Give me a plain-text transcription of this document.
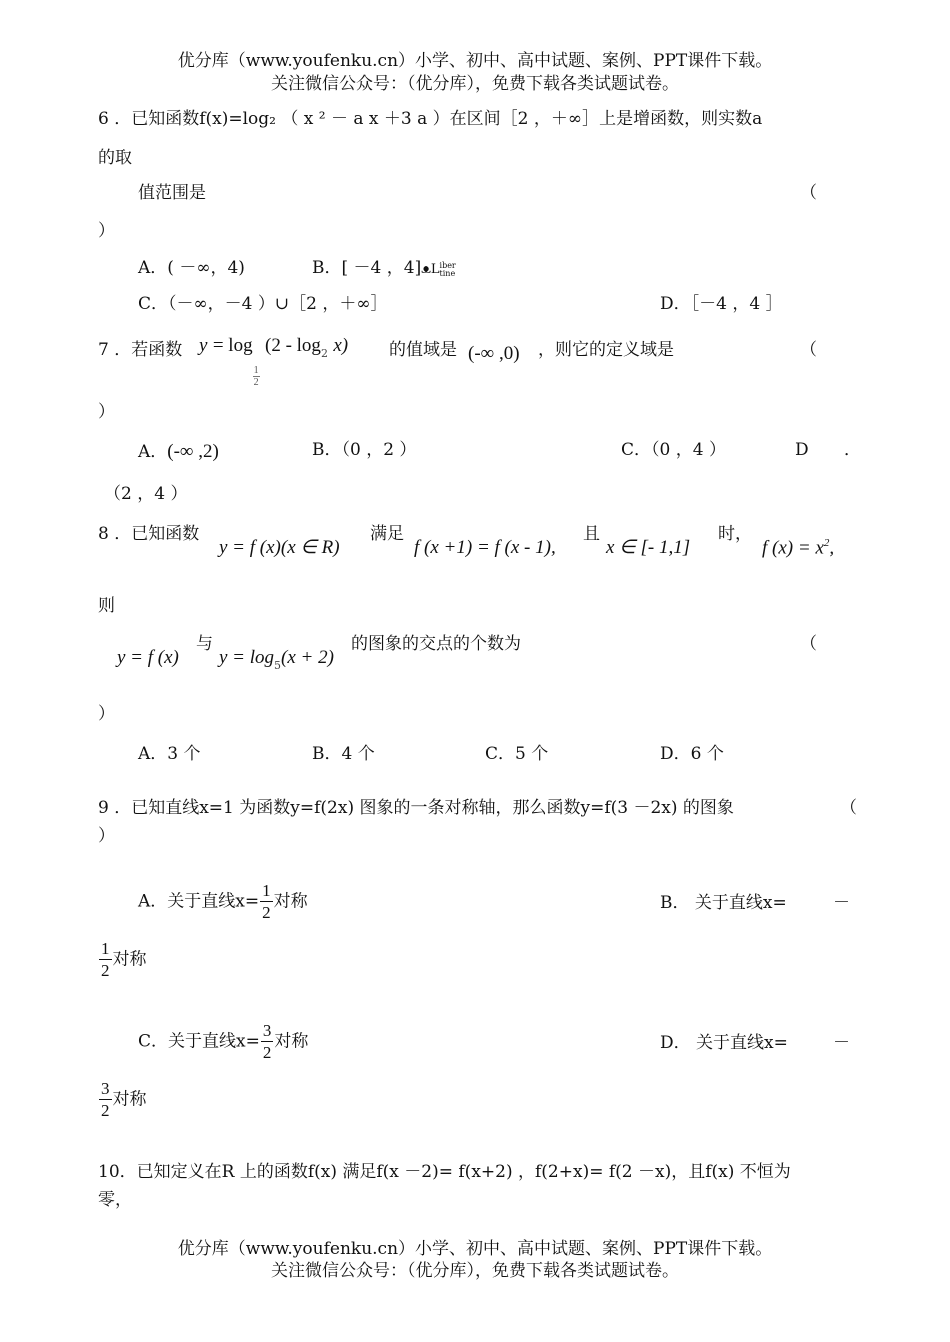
优分库（www.youfenku.cn）小学、初中、高中试题、案例、PPT课件下载。
关注微信公众号：（优分库），免费下载各类试题试卷。
6 ．已知函数f(x)=log₂ （ x ² － a x ＋3 a ）在区间［2 ，＋∞］上是增函数，则实数a
的取
值范围是	（
）
A．( －∞，4)	B．[ －4 ，4]ᴥL iber
tine
C．（－∞，－4 ）∪［2 ，＋∞］	D．［－4 ，4 ］
7 ．若函数 y = log
$\frac{1}{2}$
$(2 - \log_2 x)$ 的值域是 (-∞ ,0) ，则它的定义域是	（
）
A．(-∞ ,2)	B．（0 ，2 ）	C．（0 ，4 ）	D ．
（2 ，4 ）
8 ．已知函数
y = f (x)(x ∈ R)
满足
f (x +1) = f (x - 1),
且
x ∈ [- 1,1]
时，
f $(x) = x^2$,
则
y = f (x)
与
$y = \log_5(x + 2)$
的图象的交点的个数为	（
）
A．3 个	B．4 个	C．5 个	D．6 个
9 ．已知直线x=1 为函数y=f(2x) 图象的一条对称轴，那么函数y=f(3 －2x) 的图象	（
）
A．关于直线$x= \frac{1}{2}$ 对称	B． 关于直线x=	－
$\frac{1}{2}$ 对称
C．关于直线$x= \frac{3}{2}$ 对称	D． 关于直线x=	－
$\frac{3}{2}$ 对称
10．已知定义在R 上的函数f(x) 满足f(x －2)= f(x+2) ，f(2+x)= f(2 －x)，且f(x) 不恒为
零，
优分库（www.youfenku.cn）小学、初中、高中试题、案例、PPT课件下载。
关注微信公众号：（优分库），免费下载各类试题试卷。
